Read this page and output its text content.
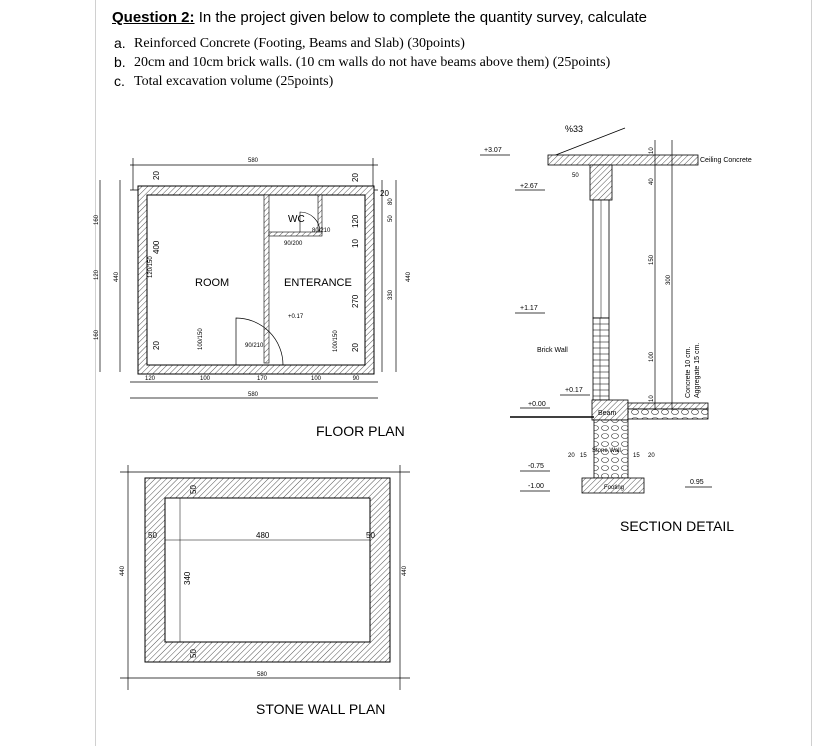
Question 2: In the project given below to complete the quantity survey, calculate

a. Reinforced Concrete (Footing, Beams and Slab) (30points)
b. 20cm and 10cm brick walls. (10 cm walls do not have beams above them) (25points)
c. Total excavation volume (25points)
580
20
ROOM
WC
ENTERANCE
90/200
80/210
90/210
+0.17
120/150
100/150	100/150
20
400
20
160
120
160
440
20
120
10
270
20
330
50
80
440
120	100	170	100	90
580
FLOOR PLAN
480
340
50
50
50	50
580
440	440
STONE WALL PLAN
%33
Ceiling Concrete
Brick Wall
Beam
Stone Wall
Footing
Concrete 10 cm. Aggregate 15 cm.
+3.07
+2.67
+1.17
+0.17
+0.00
-0.75
-1.00
0.95
50
10
40
150
300
100
10
20 15	15 20
SECTION DETAIL
